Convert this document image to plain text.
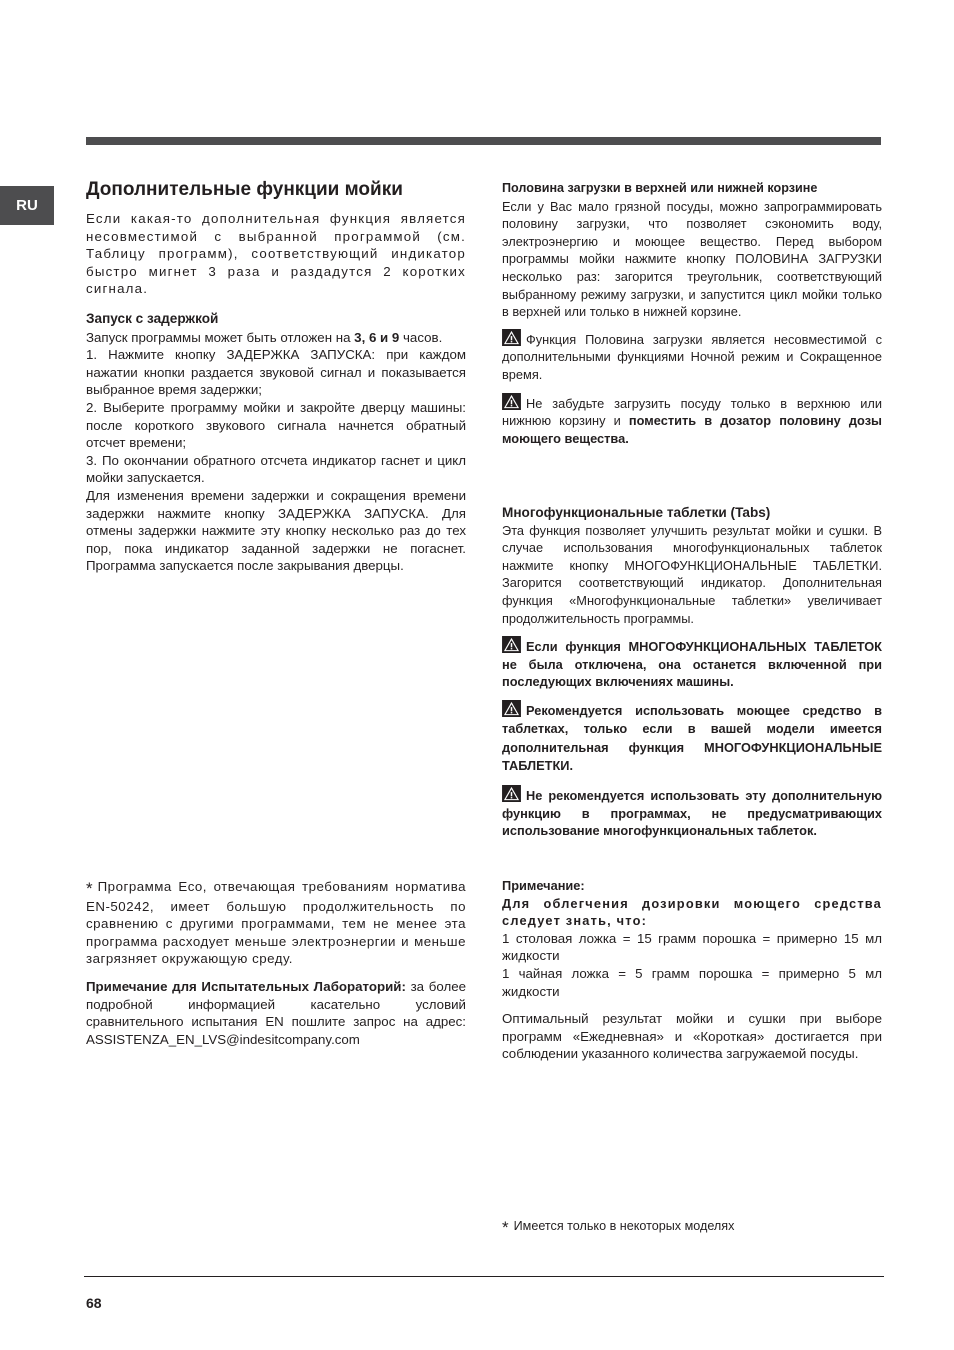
RU
Дополнительные функции мойки

Если какая-то дополнительная функция является несовместимой с выбранной программой (см. Таблицу программ), соответствующий индикатор быстро мигнет 3 раза и раздадутся 2 коротких сигнала.

Запуск с задержкой

Запуск программы может быть отложен на 3, 6 и 9 часов.

1. Нажмите кнопку ЗАДЕРЖКА ЗАПУСКА: при каждом нажатии кнопки раздается звуковой сигнал и показывается выбранное время задержки;

2. Выберите программу мойки и закройте дверцу машины: после короткого звукового сигнала начнется обратный отсчет времени;

3. По окончании обратного отсчета индикатор гаснет и цикл мойки запускается.

Для изменения времени задержки и сокращения времени задержки нажмите кнопку ЗАДЕРЖКА ЗАПУСКА. Для отмены задержки нажмите эту кнопку несколько раз до тех пор, пока индикатор заданной задержки не погаснет. Программа запускается после закрывания дверцы.

* Программа Eco, отвечающая требованиям норматива EN-50242, имеет большую продолжительность по сравнению с другими программами, тем не менее эта программа расходует меньше электроэнергии и меньше загрязняет окружающую среду.

Примечание для Испытательных Лабораторий: за более подробной информацией касательно условий сравнительного испытания EN пошлите запрос на адрес: ASSISTENZA_EN_LVS@indesitcompany.com

Половина загрузки в верхней или нижней корзине

Если у Вас мало грязной посуды, можно запрограммировать половину загрузки, что позволяет сэкономить воду, электроэнергию и моющее вещество. Перед выбором программы мойки нажмите кнопку ПОЛОВИНА ЗАГРУЗКИ несколько раз: загорится треугольник, соответствующий выбранному режиму загрузки, и запустится цикл мойки только в верхней или только в нижней корзине.

Функция Половина загрузки является несовместимой с дополнительными функциями Ночной режим и Сокращенное время.

Не забудьте загрузить посуду только в верхнюю или нижнюю корзину и поместить в дозатор половину дозы моющего вещества.

Многофункциональные таблетки (Tabs)

Эта функция позволяет улучшить результат мойки и сушки. В случае использования многофункциональных таблеток нажмите кнопку МНОГОФУНКЦИОНАЛЬНЫЕ ТАБЛЕТКИ. Загорится соответствующий индикатор. Дополнительная функция «Многофункциональные таблетки» увеличивает продолжительность программы.

Если функция МНОГОФУНКЦИОНАЛЬНЫХ ТАБЛЕТОК не была отключена, она останется включенной при последующих включениях машины.

Рекомендуется использовать моющее средство в таблетках, только если в вашей модели имеется дополнительная функция МНОГОФУНКЦИОНАЛЬНЫЕ ТАБЛЕТКИ.

Не рекомендуется использовать эту дополнительную функцию в программах, не предусматривающих использование многофункциональных таблеток.

Примечание:

Для облегчения дозировки моющего средства следует знать, что:

1 столовая ложка = 15 грамм порошка = примерно 15 мл жидкости

1 чайная ложка = 5 грамм порошка = примерно 5 мл жидкости

Оптимальный результат мойки и сушки при выборе программ «Ежедневная» и «Короткая» достигается при соблюдении указанного количества загружаемой посуды.

* Имеется только в некоторых моделях

68
